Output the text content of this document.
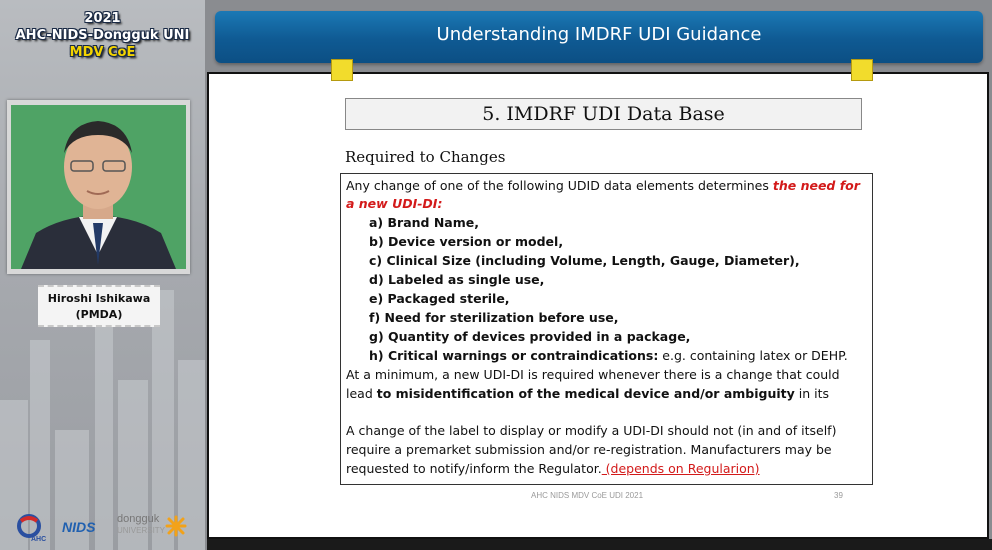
2021
AHC-NIDS-Dongguk UNI
MDV CoE
Hiroshi Ishikawa
(PMDA)
AHC
NIDS dongguk
UNIVERSITY
Understanding IMDRF UDI Guidance
5. IMDRF UDI Data Base
Required to Changes
Any change of one of the following UDID data elements determines the need for
a new UDI-DI:
a) Brand Name,
b) Device version or model,
c) Clinical Size (including Volume, Length, Gauge, Diameter),
d) Labeled as single use,
e) Packaged sterile,
f) Need for sterilization before use,
g) Quantity of devices provided in a package,
h) Critical warnings or contraindications: e.g. containing latex or DEHP.
At a minimum, a new UDI-DI is required whenever there is a change that could
lead to misidentification of the medical device and/or ambiguity in its
A change of the label to display or modify a UDI-DI should not (in and of itself)
require a premarket submission and/or re-registration. Manufacturers may be
requested to notify/inform the Regulator. (depends on Regularion)
AHC NIDS MDV CoE UDI 2021	39
